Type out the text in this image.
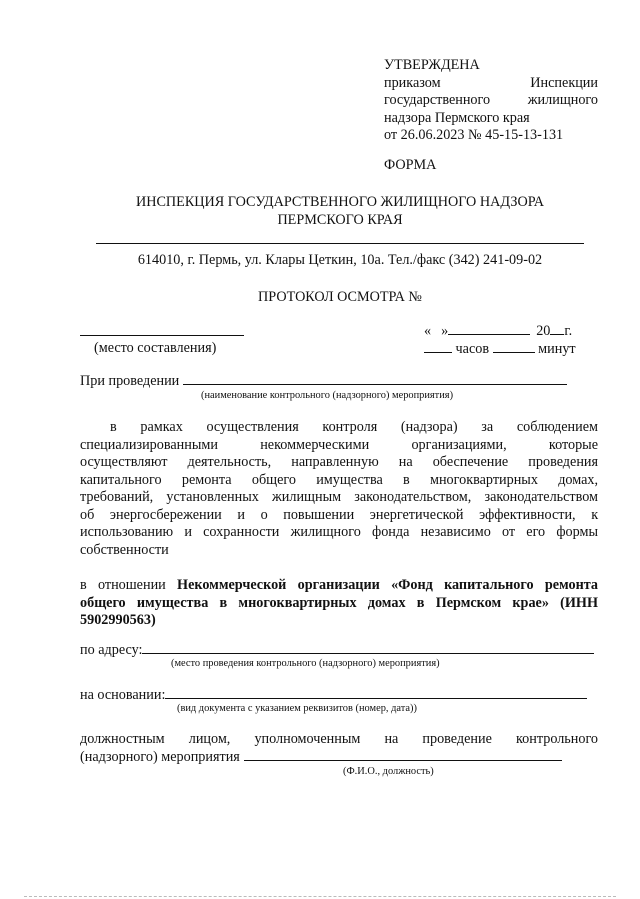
УТВЕРЖДЕНА
приказом	Инспекции
государственного	жилищного
надзора Пермского края
от 26.06.2023 № 45-15-13-131
ФОРМА
ИНСПЕКЦИЯ ГОСУДАРСТВЕННОГО ЖИЛИЩНОГО НАДЗОРА
ПЕРМСКОГО КРАЯ
614010, г. Пермь, ул. Клары Цеткин, 10а. Тел./факс (342) 241-09-02
ПРОТОКОЛ ОСМОТРА №
(место составления)
« »	20 г.
часов	минут
При проведении
(наименование контрольного (надзорного) мероприятия)
в рамках осуществления контроля (надзора) за соблюдением
специализированными	некоммерческими	организациями,	которые
осуществляют деятельность, направленную на обеспечение проведения
капитального ремонта общего имущества в многоквартирных домах,
требований, установленных жилищным законодательством, законодательством
об энергосбережении и о повышении энергетической эффективности, к
использованию и сохранности жилищного фонда независимо от его формы
собственности
в отношении Некоммерческой организации «Фонд капитального ремонта
общего имущества в многоквартирных домах в Пермском крае» (ИНН
5902990563)
по адресу:
(место проведения контрольного (надзорного) мероприятия)
на основании:
(вид документа с указанием реквизитов (номер, дата))
должностным лицом, уполномоченным на проведение контрольного
(надзорного) мероприятия
(Ф.И.О., должность)
